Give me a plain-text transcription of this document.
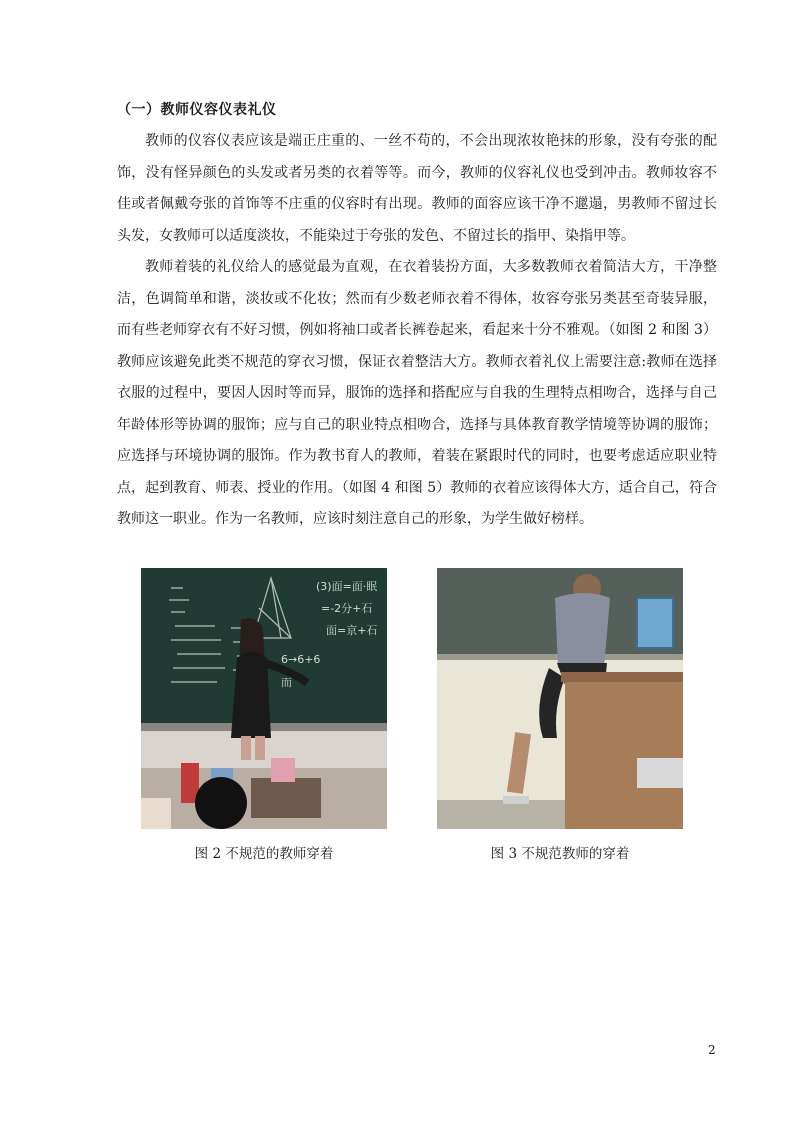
（一）教师仪容仪表礼仪

教师的仪容仪表应该是端正庄重的、一丝不苟的，不会出现浓妆艳抹的形象，没有夸张的配饰，没有怪异颜色的头发或者另类的衣着等等。而今，教师的仪容礼仪也受到冲击。教师妆容不佳或者佩戴夸张的首饰等不庄重的仪容时有出现。教师的面容应该干净不邋遢，男教师不留过长头发，女教师可以适度淡妆，不能染过于夸张的发色、不留过长的指甲、染指甲等。

教师着装的礼仪给人的感觉最为直观，在衣着装扮方面，大多数教师衣着简洁大方，干净整洁，色调简单和谐，淡妆或不化妆；然而有少数老师衣着不得体，妆容夸张另类甚至奇装异服，而有些老师穿衣有不好习惯，例如将袖口或者长裤卷起来，看起来十分不雅观。（如图 2 和图 3）教师应该避免此类不规范的穿衣习惯，保证衣着整洁大方。教师衣着礼仪上需要注意:教师在选择衣服的过程中，要因人因时等而异，服饰的选择和搭配应与自我的生理特点相吻合，选择与自己年龄体形等协调的服饰；应与自己的职业特点相吻合，选择与具体教育教学情境等协调的服饰；应选择与环境协调的服饰。作为教书育人的教师，着装在紧跟时代的同时，也要考虑适应职业特点，起到教育、师表、授业的作用。（如图 4 和图 5）教师的衣着应该得体大方，适合自己，符合教师这一职业。作为一名教师，应该时刻注意自己的形象，为学生做好榜样。

(3)面=面·眠
=-2分+石
面=京+石
6→6+6
而
图 2 不规范的教师穿着	图 3 不规范教师的穿着
2
